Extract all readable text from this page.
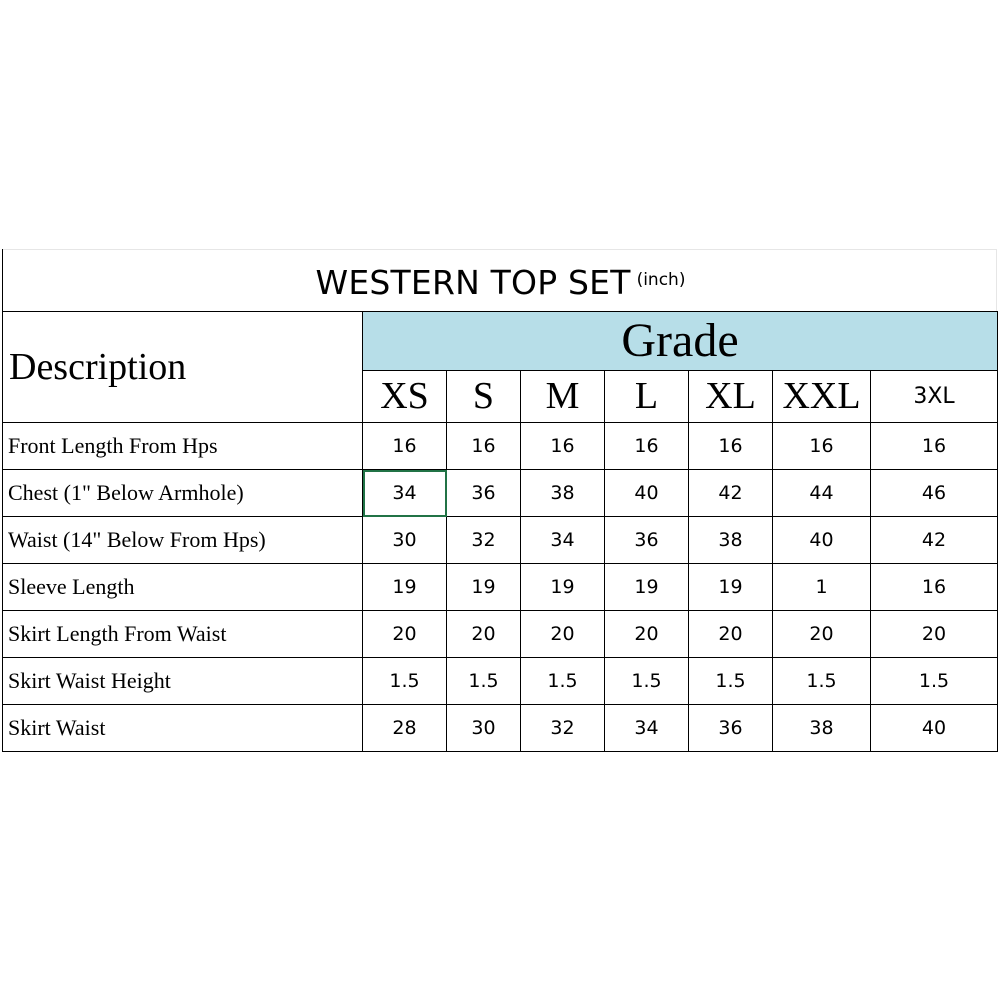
WESTERN TOP SET (inch)
Description	Grade						
	XS	S	M	L	XL	XXL	3XL
Front Length From Hps	16	16	16	16	16	16	16
Chest (1" Below Armhole)	34	36	38	40	42	44	46
Waist (14" Below From Hps)	30	32	34	36	38	40	42
Sleeve Length	19	19	19	19	19	1	16
Skirt Length From Waist	20	20	20	20	20	20	20
Skirt Waist Height	1.5	1.5	1.5	1.5	1.5	1.5	1.5
Skirt Waist	28	30	32	34	36	38	40
